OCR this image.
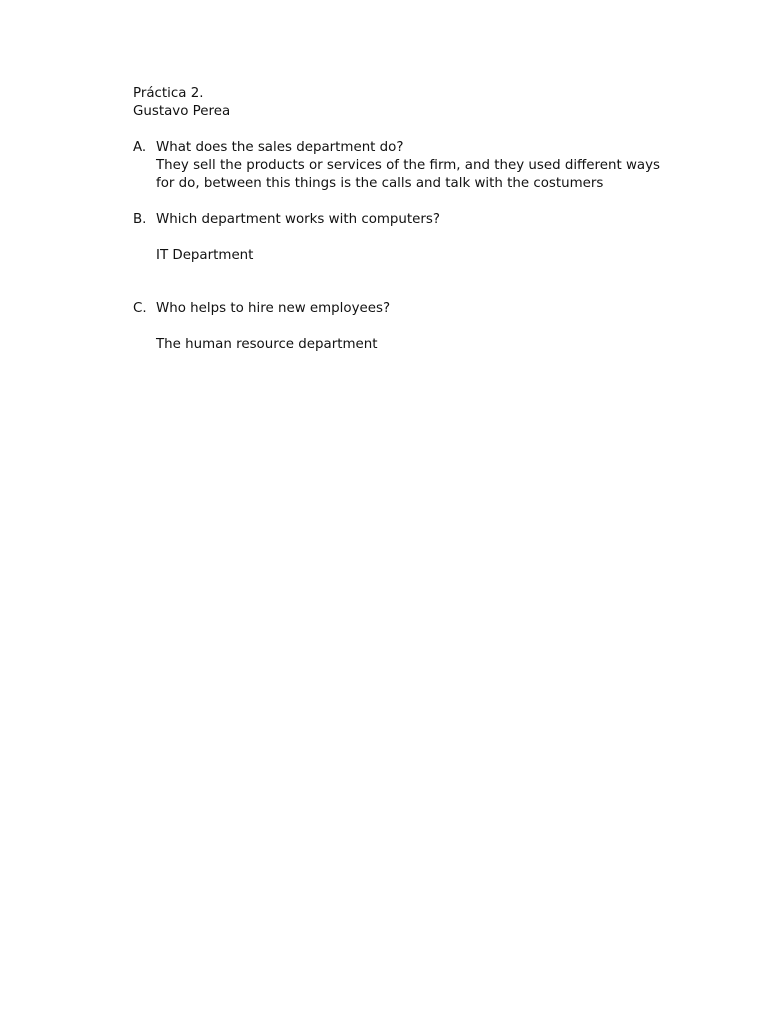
Práctica 2.
Gustavo Perea
A. What does the sales department do?
They sell the products or services of the firm, and they used different ways
for do, between this things is the calls and talk with the costumers
B. Which department works with computers?
IT Department
C. Who helps to hire new employees?
The human resource department
